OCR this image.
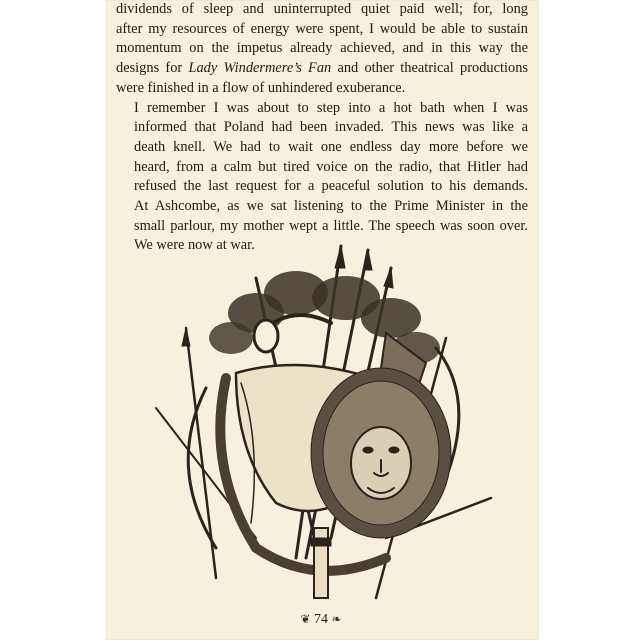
dividends of sleep and uninterrupted quiet paid well; for, long
after my resources of energy were spent, I would be able to sustain
momentum on the impetus already achieved, and in this way the
designs for Lady Windermere’s Fan and other theatrical productions
were finished in a flow of unhindered exuberance.

I remember I was about to step into a hot bath when I was
informed that Poland had been invaded. This news was like a
death knell. We had to wait one endless day more before we
heard, from a calm but tired voice on the radio, that Hitler had
refused the last request for a peaceful solution to his demands.

At Ashcombe, as we sat listening to the Prime Minister in the
small parlour, my mother wept a little. The speech was soon over.
We were now at war.

❦ 74 ❧
